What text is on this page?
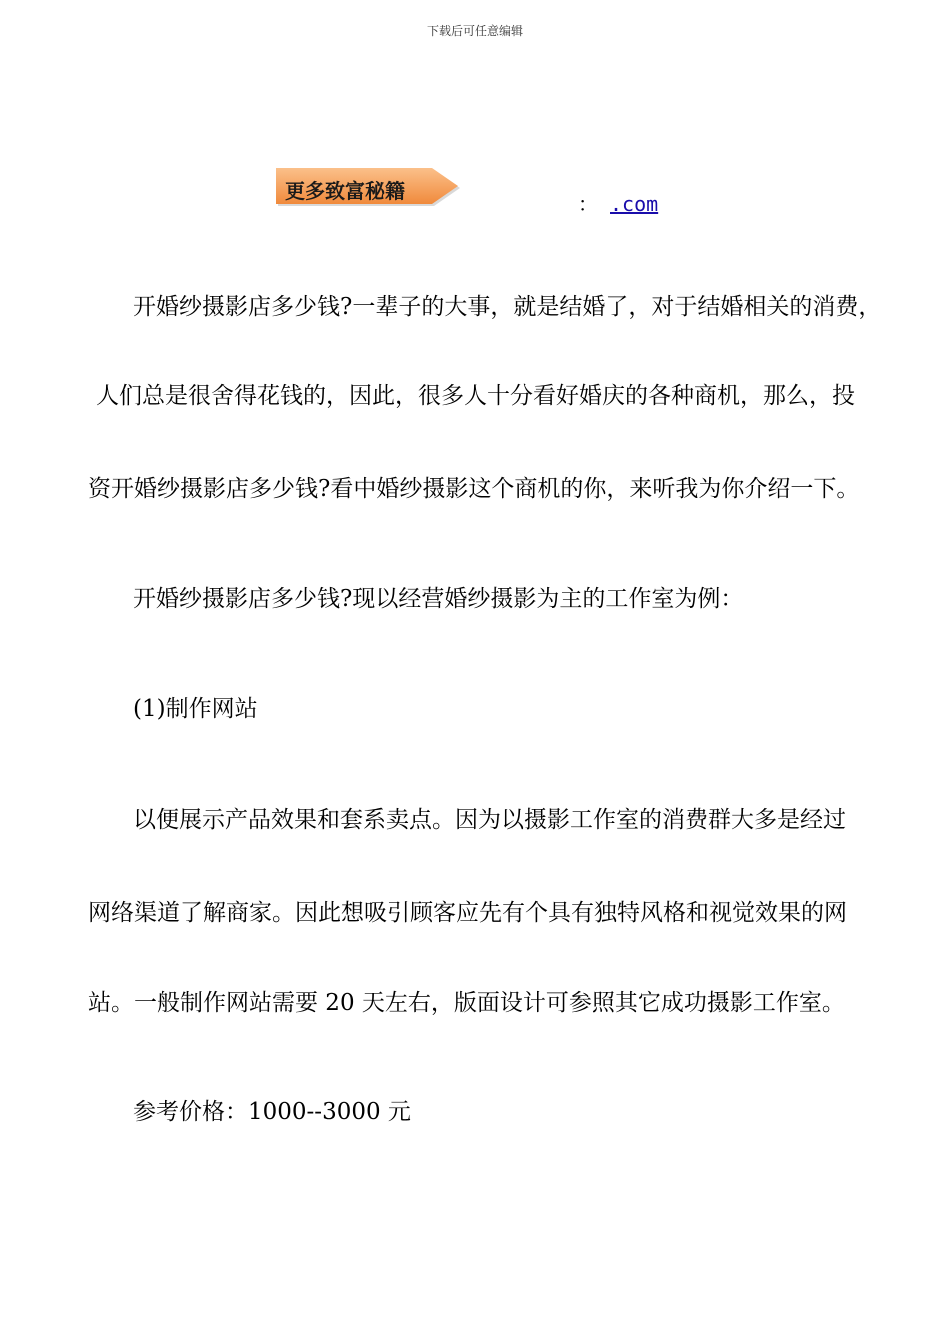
下载后可任意编辑
更多致富秘籍
： .com
开婚纱摄影店多少钱?一辈子的大事，就是结婚了，对于结婚相关的消费，
人们总是很舍得花钱的，因此，很多人十分看好婚庆的各种商机，那么，投
资开婚纱摄影店多少钱?看中婚纱摄影这个商机的你，来听我为你介绍一下。
开婚纱摄影店多少钱?现以经营婚纱摄影为主的工作室为例：
(1)制作网站
以便展示产品效果和套系卖点。因为以摄影工作室的消费群大多是经过
网络渠道了解商家。因此想吸引顾客应先有个具有独特风格和视觉效果的网
站。一般制作网站需要 20 天左右，版面设计可参照其它成功摄影工作室。
参考价格：1000--3000 元
